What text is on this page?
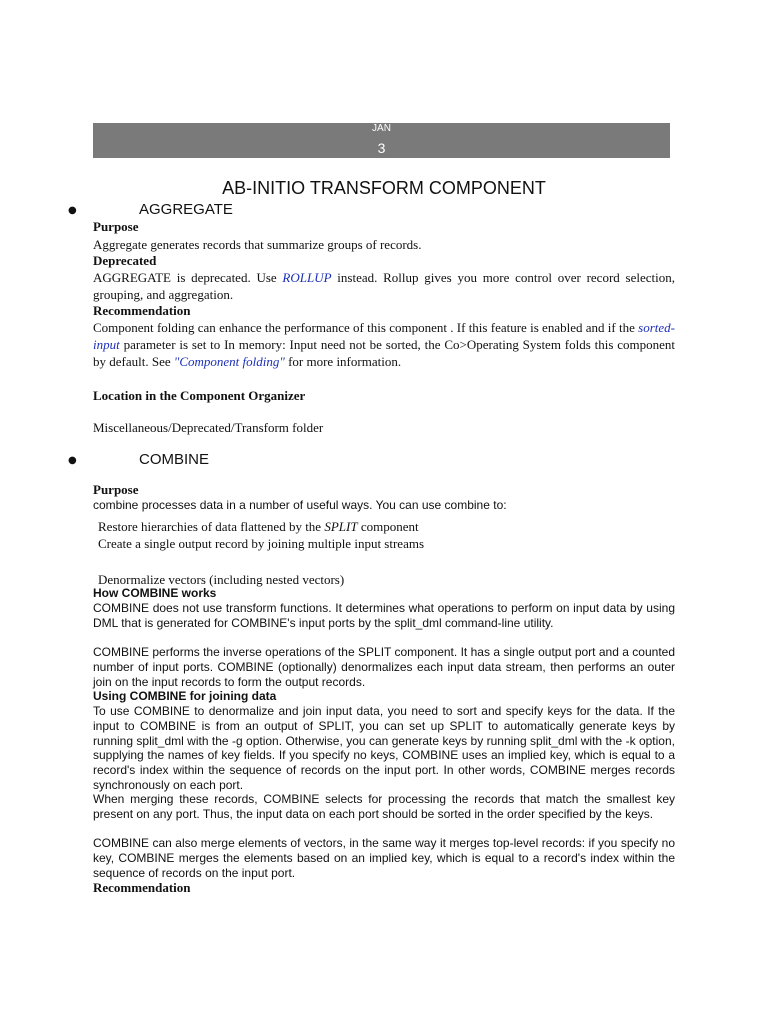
JAN
3
AB-INITIO TRANSFORM COMPONENT
●	AGGREGATE
Purpose
Aggregate generates records that summarize groups of records.
Deprecated
AGGREGATE is deprecated. Use ROLLUP instead. Rollup gives you more control over record selection, grouping, and aggregation.
Recommendation
Component folding can enhance the performance of this component . If this feature is enabled and if the sorted-input parameter is set to In memory: Input need not be sorted, the Co>Operating System folds this component by default. See "Component folding" for more information.
Location in the Component Organizer
Miscellaneous/Deprecated/Transform folder
●	COMBINE
Purpose
combine processes data in a number of useful ways. You can use combine to:
Restore hierarchies of data flattened by the SPLIT component
Create a single output record by joining multiple input streams
Denormalize vectors (including nested vectors)
How COMBINE works
COMBINE does not use transform functions. It determines what operations to perform on input data by using DML that is generated for COMBINE's input ports by the split_dml command-line utility.
COMBINE performs the inverse operations of the SPLIT component. It has a single output port and a counted number of input ports. COMBINE (optionally) denormalizes each input data stream, then performs an outer join on the input records to form the output records.
Using COMBINE for joining data
To use COMBINE to denormalize and join input data, you need to sort and specify keys for the data. If the input to COMBINE is from an output of SPLIT, you can set up SPLIT to automatically generate keys by running split_dml with the -g option. Otherwise, you can generate keys by running split_dml with the -k option, supplying the names of key fields. If you specify no keys, COMBINE uses an implied key, which is equal to a record's index within the sequence of records on the input port. In other words, COMBINE merges records synchronously on each port.
When merging these records, COMBINE selects for processing the records that match the smallest key present on any port. Thus, the input data on each port should be sorted in the order specified by the keys.
COMBINE can also merge elements of vectors, in the same way it merges top-level records: if you specify no key, COMBINE merges the elements based on an implied key, which is equal to a record's index within the sequence of records on the input port.
Recommendation
